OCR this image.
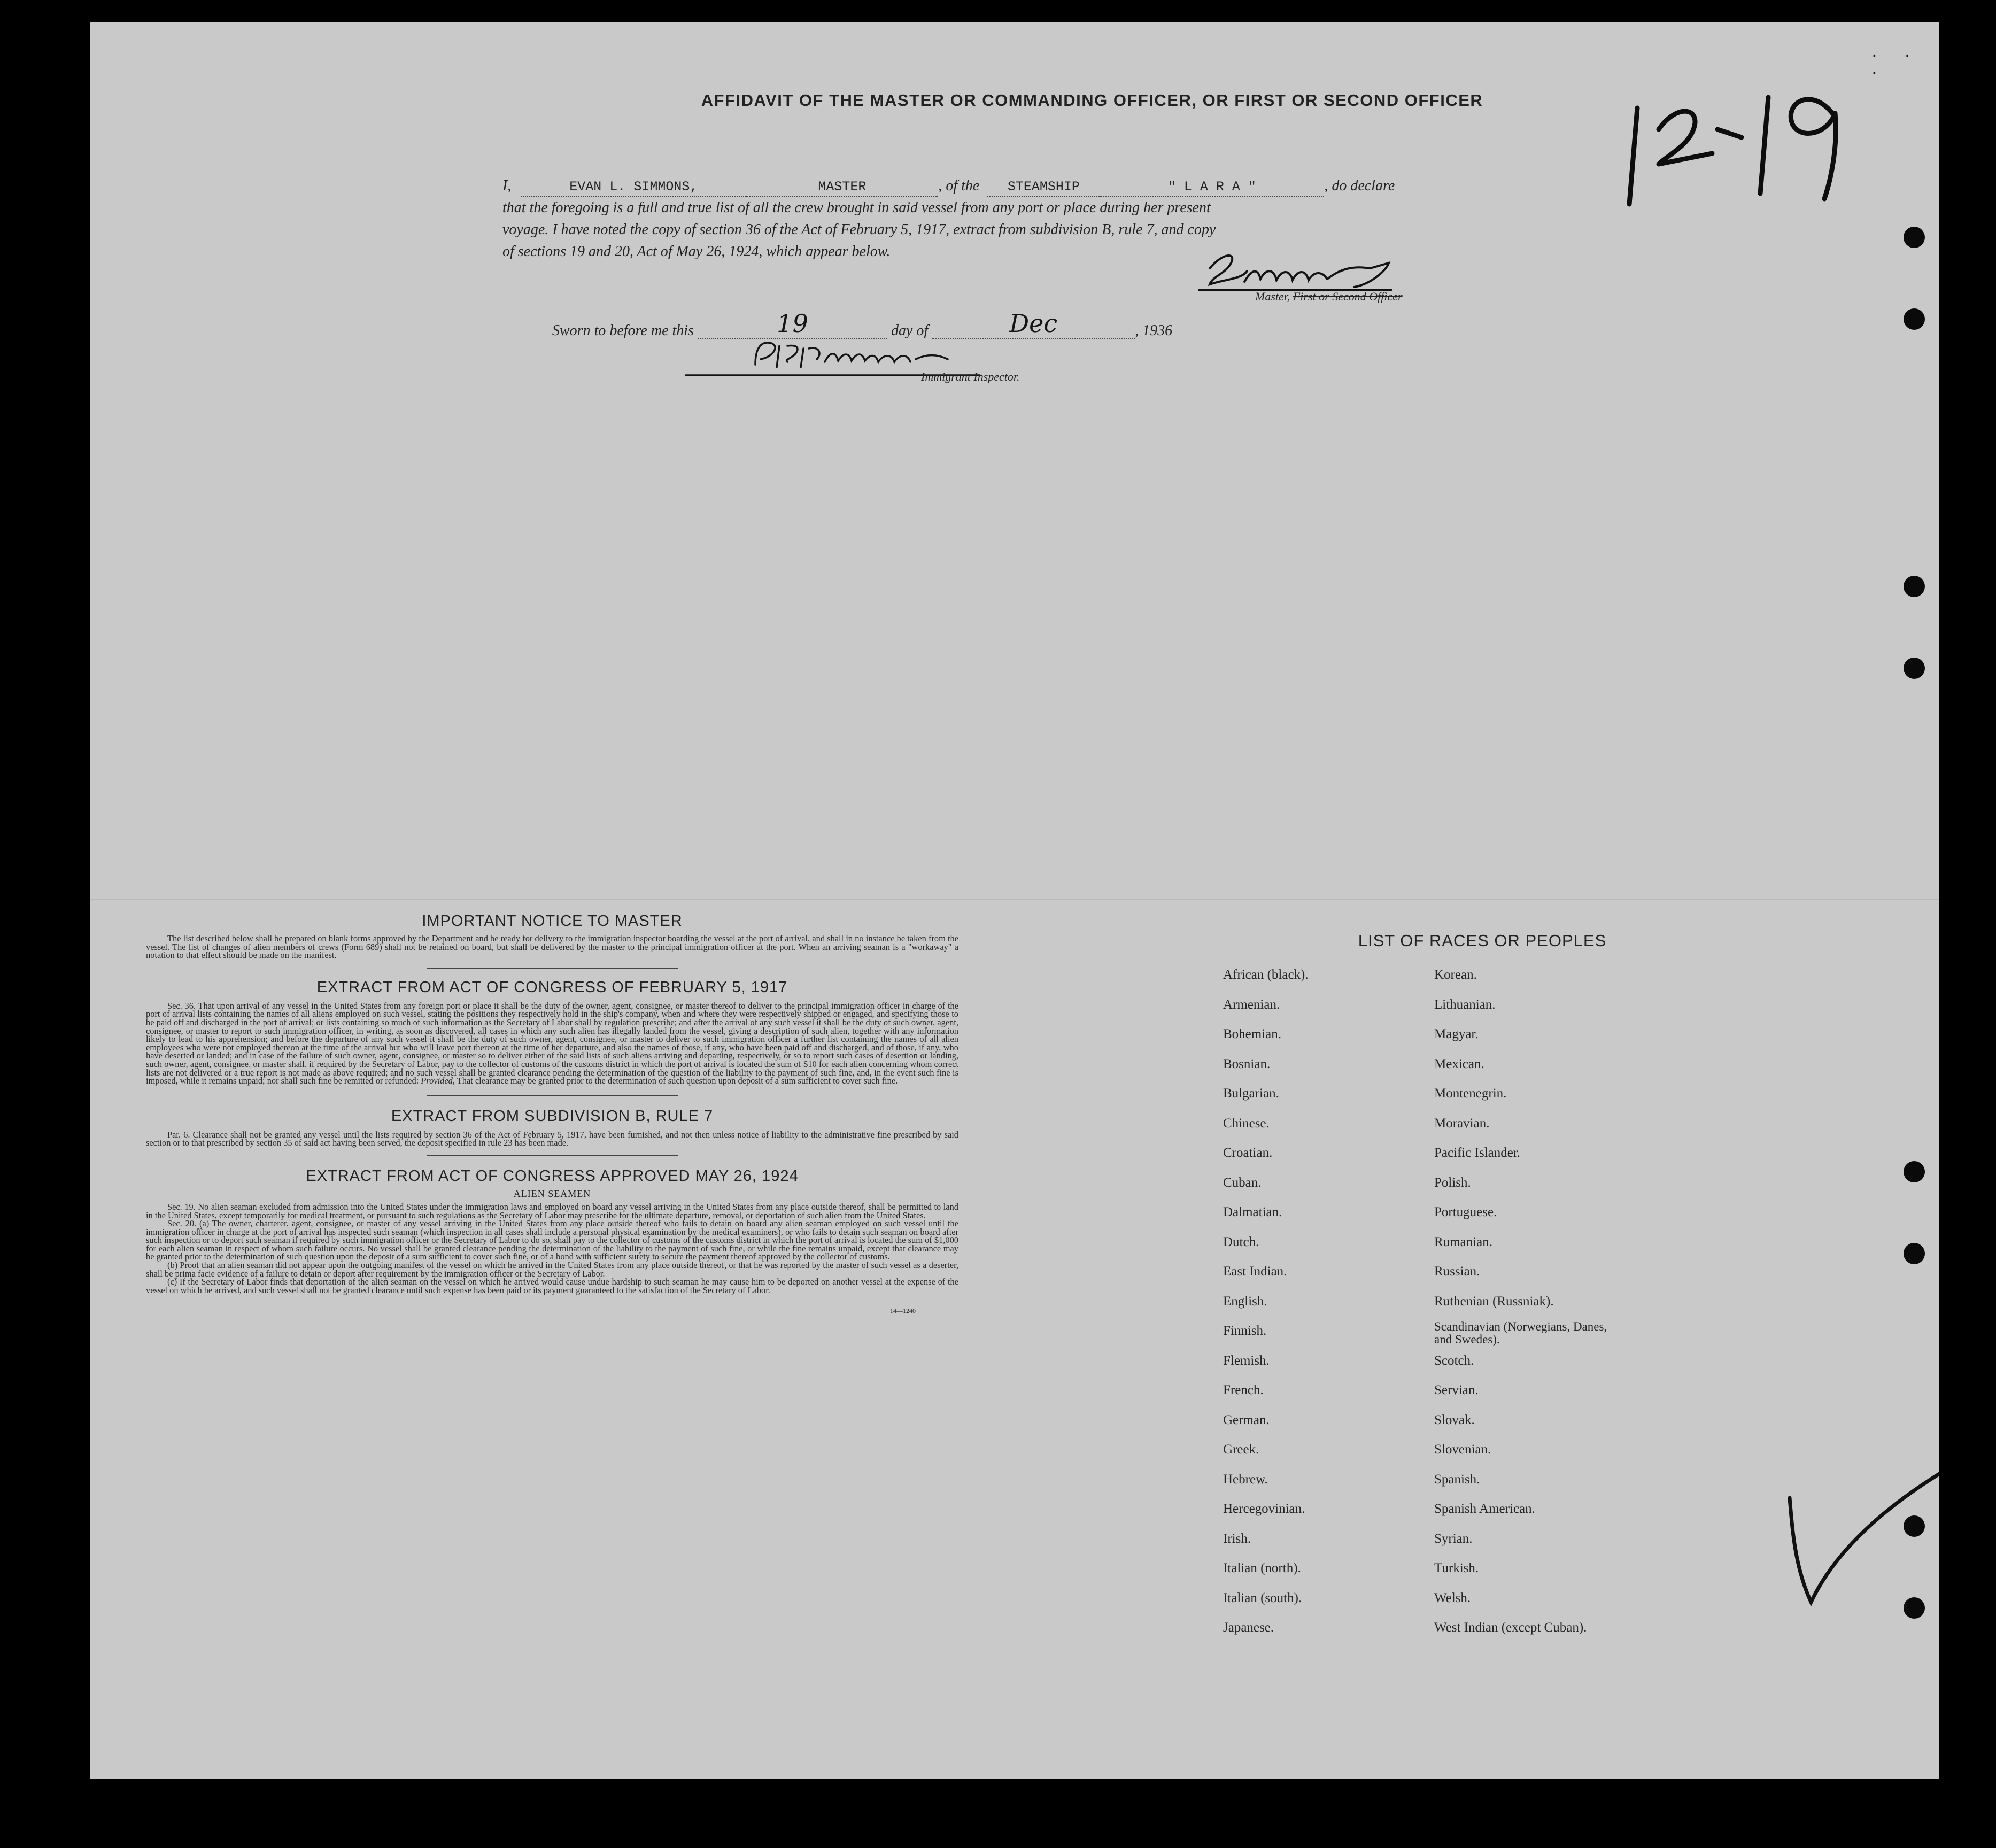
. . .
AFFIDAVIT OF THE MASTER OR COMMANDING OFFICER, OR FIRST OR SECOND OFFICER
I,	EVAN L. SIMMONS,	MASTER	, of the STEAMSHIP	" L A R A "	, do declare
that the foregoing is a full and true list of all the crew brought in said vessel from any port or place during her present
voyage. I have noted the copy of section 36 of the Act of February 5, 1917, extract from subdivision B, rule 7, and copy
of sections 19 and 20, Act of May 26, 1924, which appear below.
Master, First or Second Officer
Sworn to before me this	19	day of	Dec	, 1936
Immigrant Inspector.
IMPORTANT NOTICE TO MASTER

The list described below shall be prepared on blank forms approved by the Department and be ready for delivery to the immigration inspector boarding the vessel at the port of arrival, and shall in no instance be taken from the vessel. The list of changes of alien members of crews (Form 689) shall not be retained on board, but shall be delivered by the master to the principal immigration officer at the port. When an arriving seaman is a "workaway" a notation to that effect should be made on the manifest.

EXTRACT FROM ACT OF CONGRESS OF FEBRUARY 5, 1917

Sec. 36. That upon arrival of any vessel in the United States from any foreign port or place it shall be the duty of the owner, agent, consignee, or master thereof to deliver to the principal immigration officer in charge of the port of arrival lists containing the names of all aliens employed on such vessel, stating the positions they respectively hold in the ship's company, when and where they were respectively shipped or engaged, and specifying those to be paid off and discharged in the port of arrival; or lists containing so much of such information as the Secretary of Labor shall by regulation prescribe; and after the arrival of any such vessel it shall be the duty of such owner, agent, consignee, or master to report to such immigration officer, in writing, as soon as discovered, all cases in which any such alien has illegally landed from the vessel, giving a description of such alien, together with any information likely to lead to his apprehension; and before the departure of any such vessel it shall be the duty of such owner, agent, consignee, or master to deliver to such immigration officer a further list containing the names of all alien employees who were not employed thereon at the time of the arrival but who will leave port thereon at the time of her departure, and also the names of those, if any, who have been paid off and discharged, and of those, if any, who have deserted or landed; and in case of the failure of such owner, agent, consignee, or master so to deliver either of the said lists of such aliens arriving and departing, respectively, or so to report such cases of desertion or landing, such owner, agent, consignee, or master shall, if required by the Secretary of Labor, pay to the collector of customs of the customs district in which the port of arrival is located the sum of $10 for each alien concerning whom correct lists are not delivered or a true report is not made as above required; and no such vessel shall be granted clearance pending the determination of the question of the liability to the payment of such fine, and, in the event such fine is imposed, while it remains unpaid; nor shall such fine be remitted or refunded: Provided, That clearance may be granted prior to the determination of such question upon deposit of a sum sufficient to cover such fine.

EXTRACT FROM SUBDIVISION B, RULE 7

Par. 6. Clearance shall not be granted any vessel until the lists required by section 36 of the Act of February 5, 1917, have been furnished, and not then unless notice of liability to the administrative fine prescribed by said section or to that prescribed by section 35 of said act having been served, the deposit specified in rule 23 has been made.

EXTRACT FROM ACT OF CONGRESS APPROVED MAY 26, 1924
ALIEN SEAMEN

Sec. 19. No alien seaman excluded from admission into the United States under the immigration laws and employed on board any vessel arriving in the United States from any place outside thereof, shall be permitted to land in the United States, except temporarily for medical treatment, or pursuant to such regulations as the Secretary of Labor may prescribe for the ultimate departure, removal, or deportation of such alien from the United States.

Sec. 20. (a) The owner, charterer, agent, consignee, or master of any vessel arriving in the United States from any place outside thereof who fails to detain on board any alien seaman employed on such vessel until the immigration officer in charge at the port of arrival has inspected such seaman (which inspection in all cases shall include a personal physical examination by the medical examiners), or who fails to detain such seaman on board after such inspection or to deport such seaman if required by such immigration officer or the Secretary of Labor to do so, shall pay to the collector of customs of the customs district in which the port of arrival is located the sum of $1,000 for each alien seaman in respect of whom such failure occurs. No vessel shall be granted clearance pending the determination of the liability to the payment of such fine, or while the fine remains unpaid, except that clearance may be granted prior to the determination of such question upon the deposit of a sum sufficient to cover such fine, or of a bond with sufficient surety to secure the payment thereof approved by the collector of customs.

(b) Proof that an alien seaman did not appear upon the outgoing manifest of the vessel on which he arrived in the United States from any place outside thereof, or that he was reported by the master of such vessel as a deserter, shall be prima facie evidence of a failure to detain or deport after requirement by the immigration officer or the Secretary of Labor.

(c) If the Secretary of Labor finds that deportation of the alien seaman on the vessel on which he arrived would cause undue hardship to such seaman he may cause him to be deported on another vessel at the expense of the vessel on which he arrived, and such vessel shall not be granted clearance until such expense has been paid or its payment guaranteed to the satisfaction of the Secretary of Labor.

14—1240
LIST OF RACES OR PEOPLES
African (black).	Korean.
Armenian.	Lithuanian.
Bohemian.	Magyar.
Bosnian.	Mexican.
Bulgarian.	Montenegrin.
Chinese.	Moravian.
Croatian.	Pacific Islander.
Cuban.	Polish.
Dalmatian.	Portuguese.
Dutch.	Rumanian.
East Indian.	Russian.
English.	Ruthenian (Russniak).
Finnish.	Scandinavian (Norwegians, Danes, and Swedes).
Flemish.	Scotch.
French.	Servian.
German.	Slovak.
Greek.	Slovenian.
Hebrew.	Spanish.
Hercegovinian.	Spanish American.
Irish.	Syrian.
Italian (north).	Turkish.
Italian (south).	Welsh.
Japanese.	West Indian (except Cuban).
